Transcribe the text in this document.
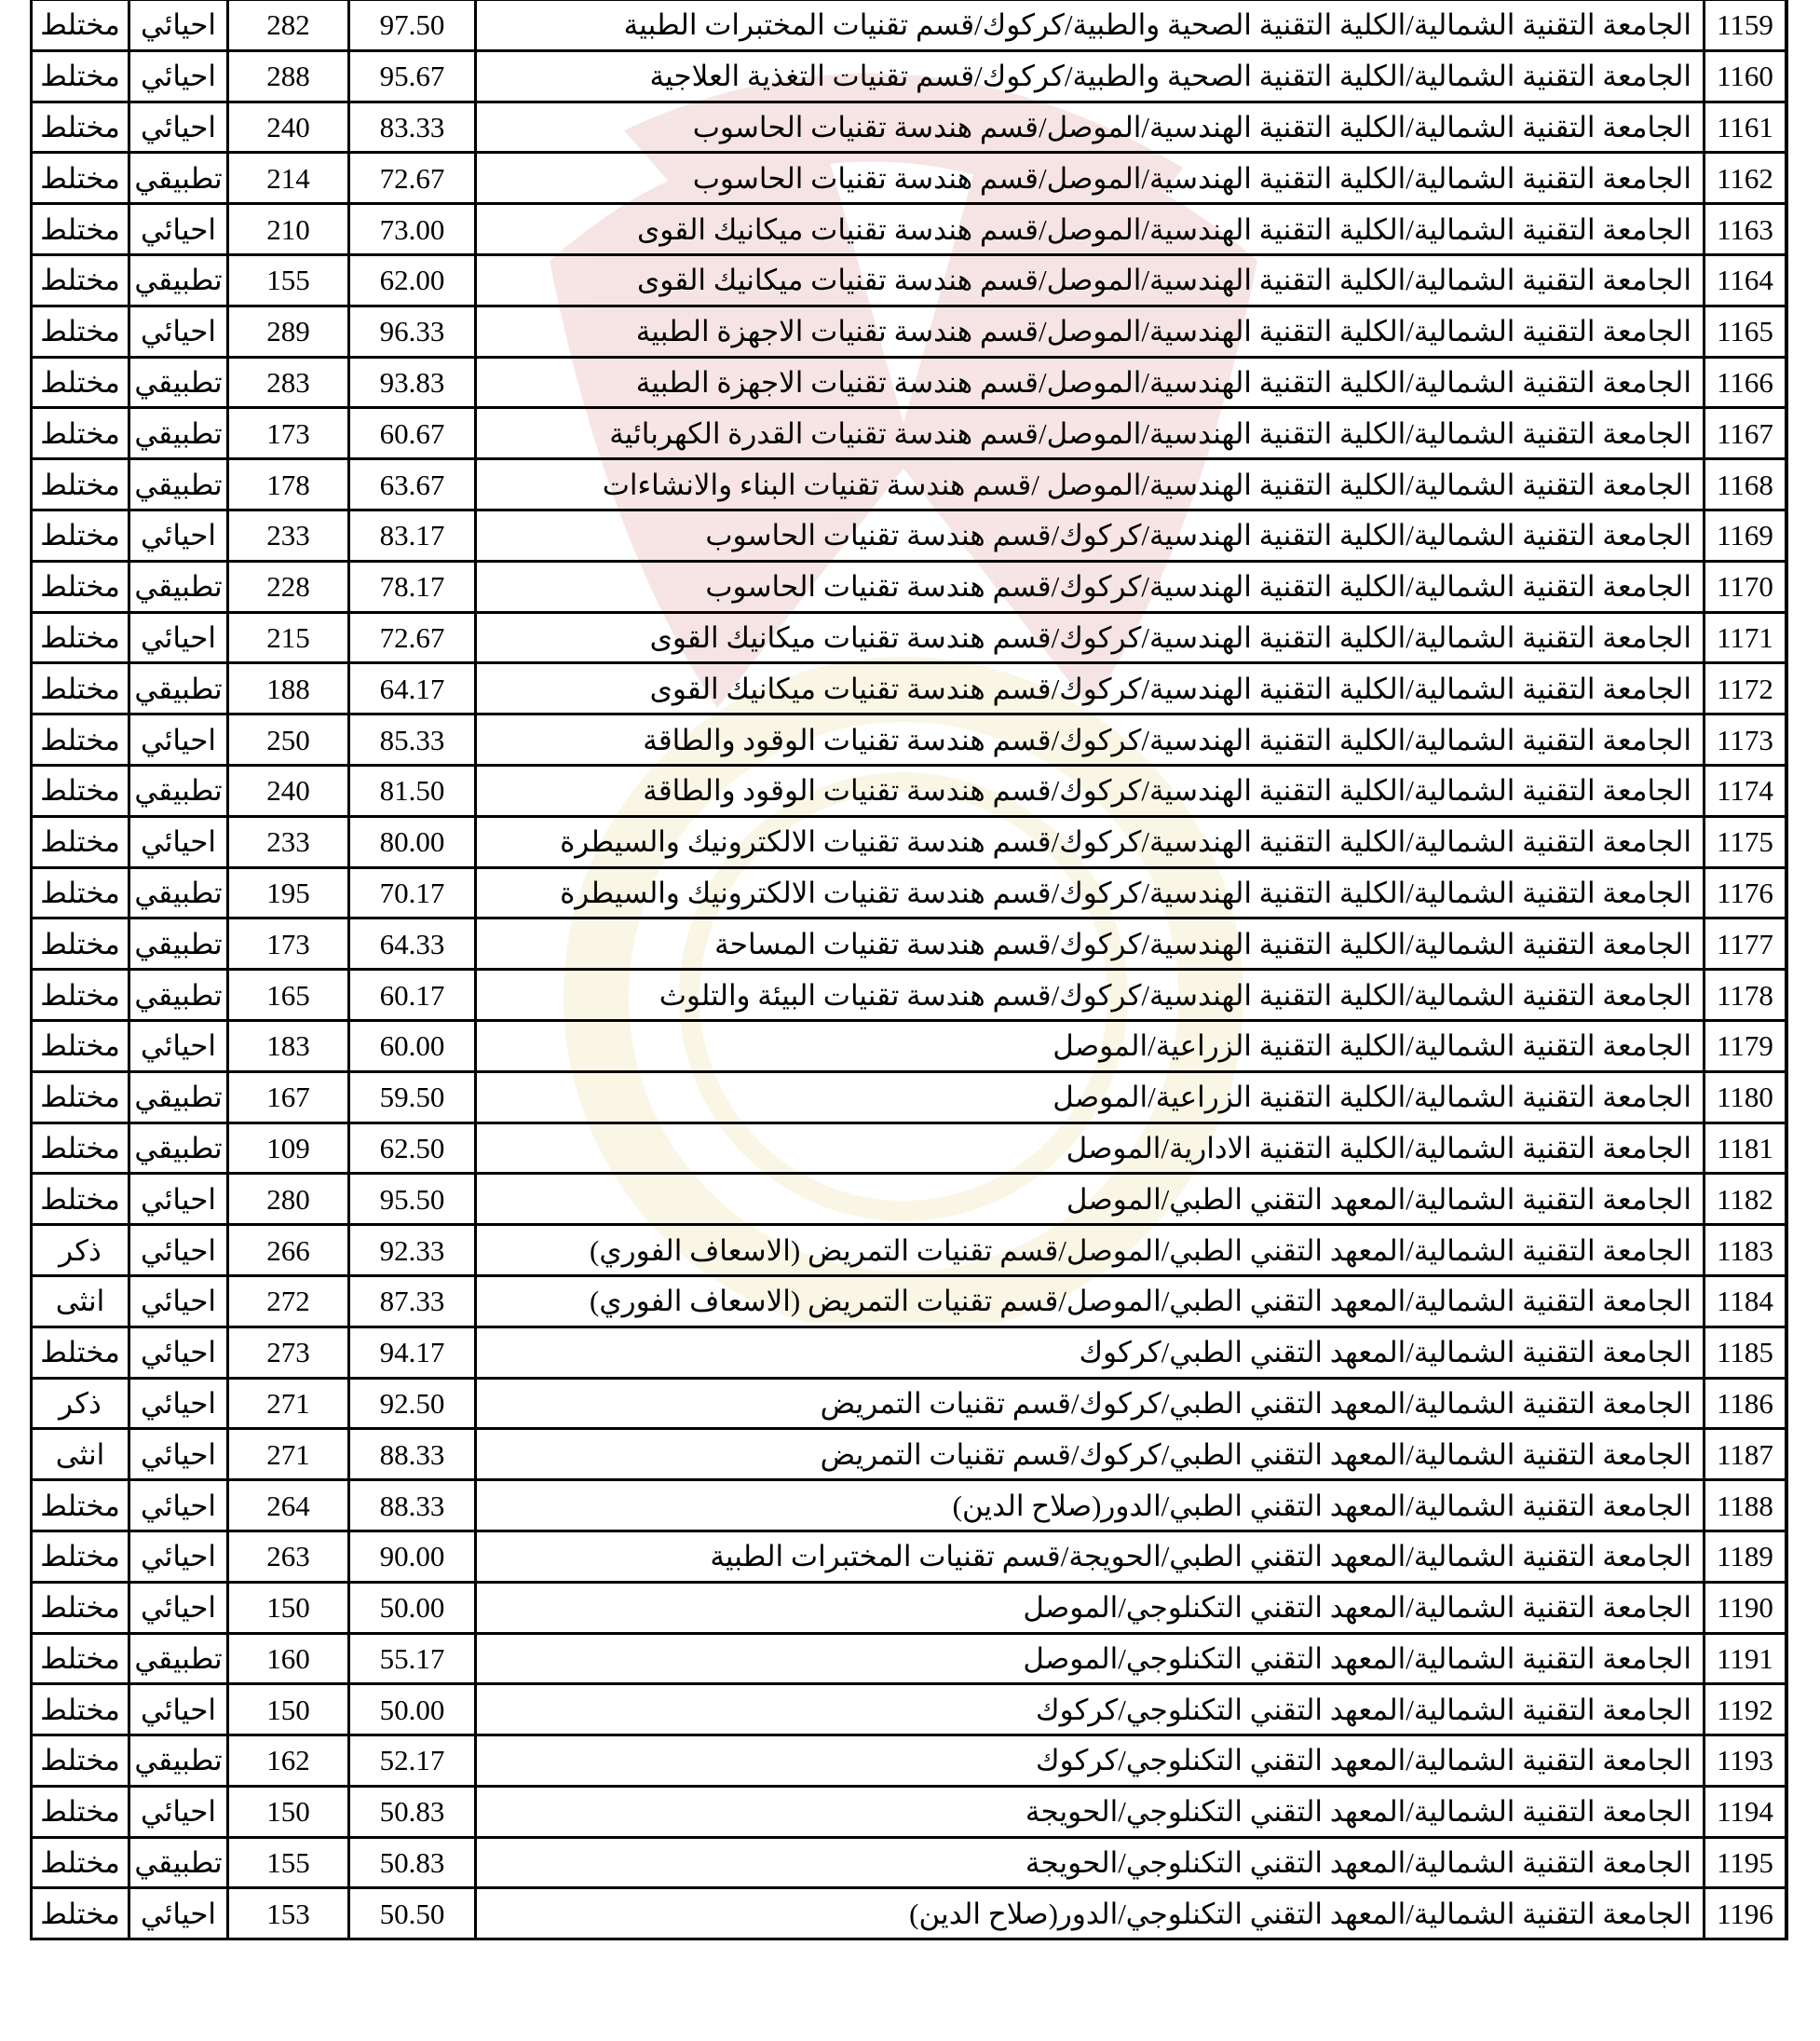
مختلط	احيائي	282	97.50	الجامعة التقنية الشمالية/الكلية التقنية الصحية والطبية/كركوك/قسم تقنيات المختبرات الطبية	1159
مختلط	احيائي	288	95.67	الجامعة التقنية الشمالية/الكلية التقنية الصحية والطبية/كركوك/قسم تقنيات التغذية العلاجية	1160
مختلط	احيائي	240	83.33	الجامعة التقنية الشمالية/الكلية التقنية الهندسية/الموصل/قسم هندسة تقنيات الحاسوب	1161
مختلط	تطبيقي	214	72.67	الجامعة التقنية الشمالية/الكلية التقنية الهندسية/الموصل/قسم هندسة تقنيات الحاسوب	1162
مختلط	احيائي	210	73.00	الجامعة التقنية الشمالية/الكلية التقنية الهندسية/الموصل/قسم هندسة تقنيات ميكانيك القوى	1163
مختلط	تطبيقي	155	62.00	الجامعة التقنية الشمالية/الكلية التقنية الهندسية/الموصل/قسم هندسة تقنيات ميكانيك القوى	1164
مختلط	احيائي	289	96.33	الجامعة التقنية الشمالية/الكلية التقنية الهندسية/الموصل/قسم هندسة تقنيات الاجهزة الطبية	1165
مختلط	تطبيقي	283	93.83	الجامعة التقنية الشمالية/الكلية التقنية الهندسية/الموصل/قسم هندسة تقنيات الاجهزة الطبية	1166
مختلط	تطبيقي	173	60.67	الجامعة التقنية الشمالية/الكلية التقنية الهندسية/الموصل/قسم هندسة تقنيات القدرة الكهربائية	1167
مختلط	تطبيقي	178	63.67	الجامعة التقنية الشمالية/الكلية التقنية الهندسية/الموصل /قسم هندسة تقنيات البناء والانشاءات	1168
مختلط	احيائي	233	83.17	الجامعة التقنية الشمالية/الكلية التقنية الهندسية/كركوك/قسم هندسة تقنيات الحاسوب	1169
مختلط	تطبيقي	228	78.17	الجامعة التقنية الشمالية/الكلية التقنية الهندسية/كركوك/قسم هندسة تقنيات الحاسوب	1170
مختلط	احيائي	215	72.67	الجامعة التقنية الشمالية/الكلية التقنية الهندسية/كركوك/قسم هندسة تقنيات ميكانيك القوى	1171
مختلط	تطبيقي	188	64.17	الجامعة التقنية الشمالية/الكلية التقنية الهندسية/كركوك/قسم هندسة تقنيات ميكانيك القوى	1172
مختلط	احيائي	250	85.33	الجامعة التقنية الشمالية/الكلية التقنية الهندسية/كركوك/قسم هندسة تقنيات الوقود والطاقة	1173
مختلط	تطبيقي	240	81.50	الجامعة التقنية الشمالية/الكلية التقنية الهندسية/كركوك/قسم هندسة تقنيات الوقود والطاقة	1174
مختلط	احيائي	233	80.00	الجامعة التقنية الشمالية/الكلية التقنية الهندسية/كركوك/قسم هندسة تقنيات الالكترونيك والسيطرة	1175
مختلط	تطبيقي	195	70.17	الجامعة التقنية الشمالية/الكلية التقنية الهندسية/كركوك/قسم هندسة تقنيات الالكترونيك والسيطرة	1176
مختلط	تطبيقي	173	64.33	الجامعة التقنية الشمالية/الكلية التقنية الهندسية/كركوك/قسم هندسة تقنيات المساحة	1177
مختلط	تطبيقي	165	60.17	الجامعة التقنية الشمالية/الكلية التقنية الهندسية/كركوك/قسم هندسة تقنيات البيئة والتلوث	1178
مختلط	احيائي	183	60.00	الجامعة التقنية الشمالية/الكلية التقنية الزراعية/الموصل	1179
مختلط	تطبيقي	167	59.50	الجامعة التقنية الشمالية/الكلية التقنية الزراعية/الموصل	1180
مختلط	تطبيقي	109	62.50	الجامعة التقنية الشمالية/الكلية التقنية الادارية/الموصل	1181
مختلط	احيائي	280	95.50	الجامعة التقنية الشمالية/المعهد التقني الطبي/الموصل	1182
ذكر	احيائي	266	92.33	الجامعة التقنية الشمالية/المعهد التقني الطبي/الموصل/قسم تقنيات التمريض (الاسعاف الفوري)	1183
انثى	احيائي	272	87.33	الجامعة التقنية الشمالية/المعهد التقني الطبي/الموصل/قسم تقنيات التمريض (الاسعاف الفوري)	1184
مختلط	احيائي	273	94.17	الجامعة التقنية الشمالية/المعهد التقني الطبي/كركوك	1185
ذكر	احيائي	271	92.50	الجامعة التقنية الشمالية/المعهد التقني الطبي/كركوك/قسم تقنيات التمريض	1186
انثى	احيائي	271	88.33	الجامعة التقنية الشمالية/المعهد التقني الطبي/كركوك/قسم تقنيات التمريض	1187
مختلط	احيائي	264	88.33	الجامعة التقنية الشمالية/المعهد التقني الطبي/الدور(صلاح الدين)	1188
مختلط	احيائي	263	90.00	الجامعة التقنية الشمالية/المعهد التقني الطبي/الحويجة/قسم تقنيات المختبرات الطبية	1189
مختلط	احيائي	150	50.00	الجامعة التقنية الشمالية/المعهد التقني التكنلوجي/الموصل	1190
مختلط	تطبيقي	160	55.17	الجامعة التقنية الشمالية/المعهد التقني التكنلوجي/الموصل	1191
مختلط	احيائي	150	50.00	الجامعة التقنية الشمالية/المعهد التقني التكنلوجي/كركوك	1192
مختلط	تطبيقي	162	52.17	الجامعة التقنية الشمالية/المعهد التقني التكنلوجي/كركوك	1193
مختلط	احيائي	150	50.83	الجامعة التقنية الشمالية/المعهد التقني التكنلوجي/الحويجة	1194
مختلط	تطبيقي	155	50.83	الجامعة التقنية الشمالية/المعهد التقني التكنلوجي/الحويجة	1195
مختلط	احيائي	153	50.50	الجامعة التقنية الشمالية/المعهد التقني التكنلوجي/الدور(صلاح الدين)	1196
